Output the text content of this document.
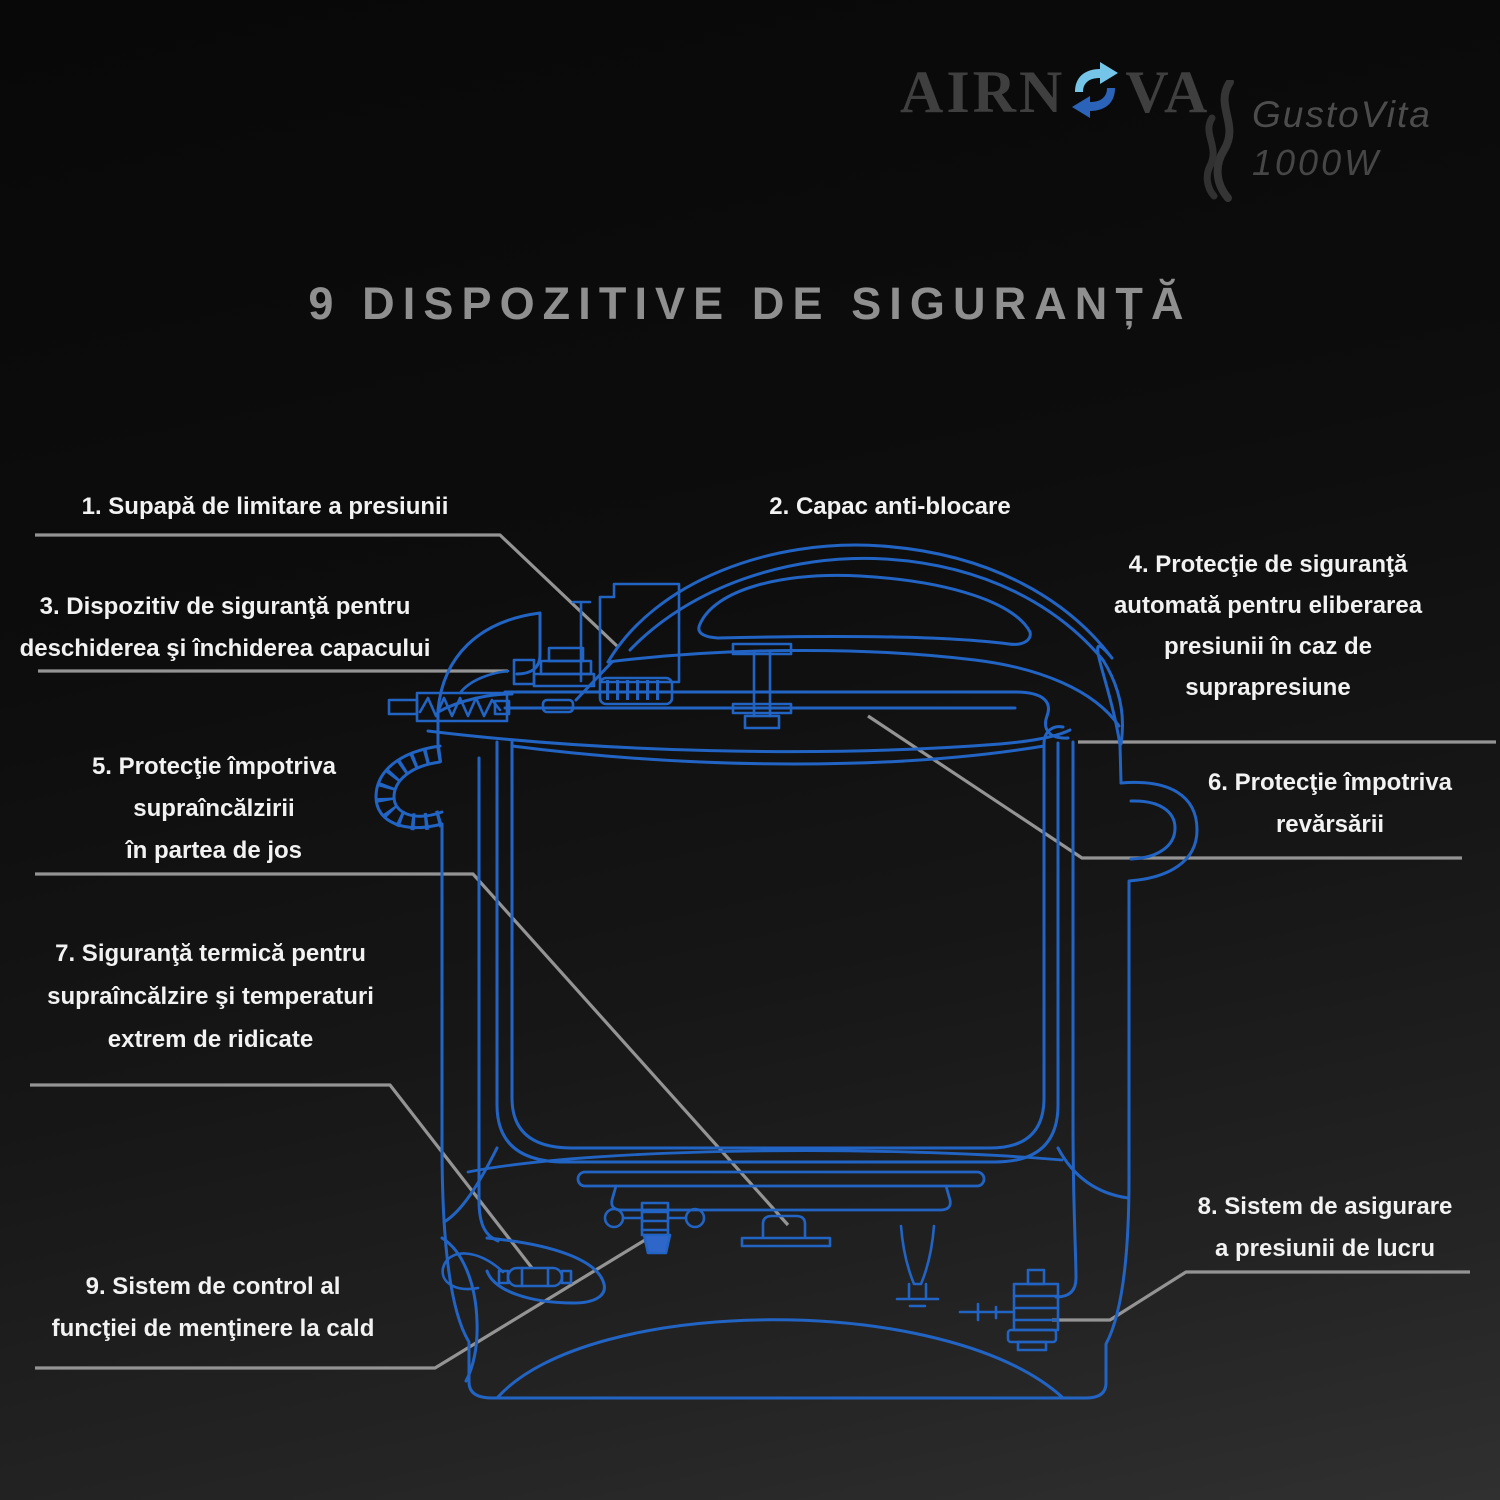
AIRN VA GustoVita
1000W
9 DISPOZITIVE DE SIGURANȚĂ
1. Supapă de limitare a presiunii	2. Capac anti-blocare
3. Dispozitiv de siguranţă pentru
deschiderea şi închiderea capacului
4. Protecţie de siguranţă
automată pentru eliberarea
presiunii în caz de
suprapresiune
5. Protecţie împotriva
supraîncălzirii
în partea de jos
6. Protecţie împotriva
revărsării
7. Siguranţă termică pentru
supraîncălzire şi temperaturi
extrem de ridicate
8. Sistem de asigurare
a presiunii de lucru
9. Sistem de control al
funcţiei de menţinere la cald
